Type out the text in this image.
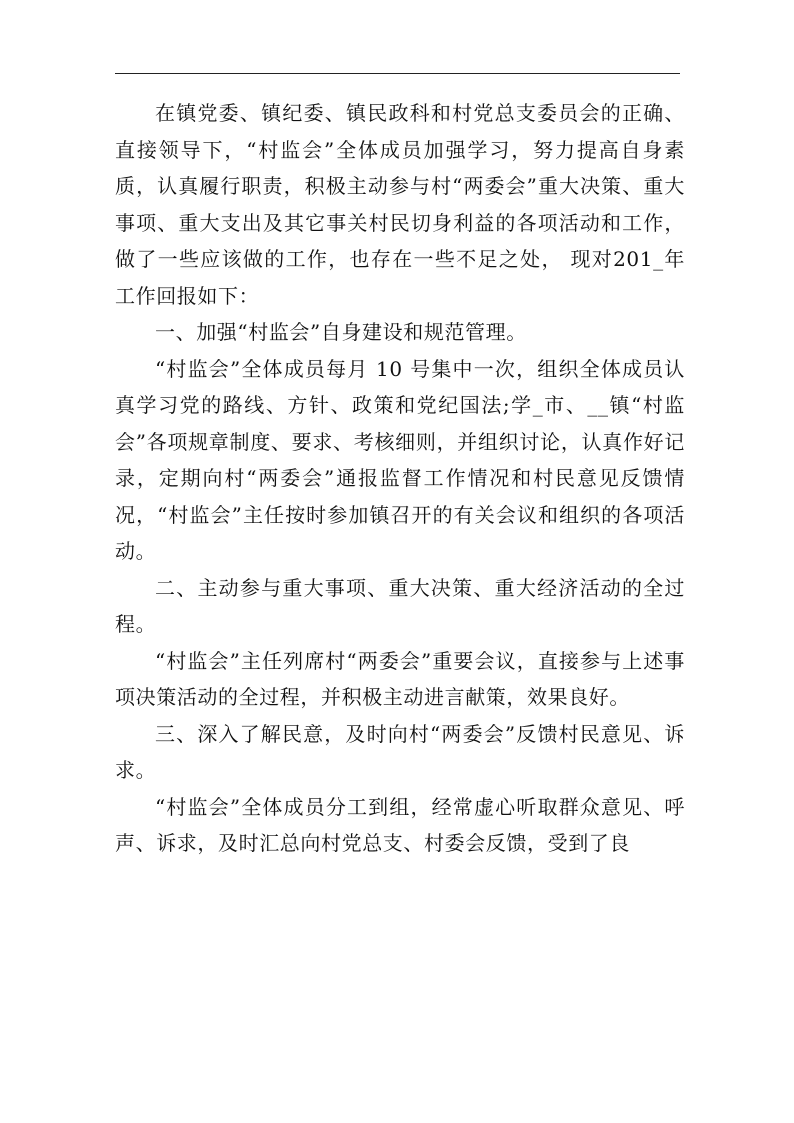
在镇党委、镇纪委、镇民政科和村党总支委员会的正确、直接领导下，“村监会”全体成员加强学习，努力提高自身素质，认真履行职责，积极主动参与村“两委会”重大决策、重大事项、重大支出及其它事关村民切身利益的各项活动和工作，做了一些应该做的工作，也存在一些不足之处， 现对201_年工作回报如下：

一、加强“村监会”自身建设和规范管理。

“村监会”全体成员每月 10 号集中一次，组织全体成员认真学习党的路线、方针、政策和党纪国法;学_市、__镇“村监会”各项规章制度、要求、考核细则，并组织讨论，认真作好记录，定期向村“两委会”通报监督工作情况和村民意见反馈情况，“村监会”主任按时参加镇召开的有关会议和组织的各项活动。

二、主动参与重大事项、重大决策、重大经济活动的全过程。

“村监会”主任列席村“两委会”重要会议，直接参与上述事项决策活动的全过程，并积极主动进言献策，效果良好。

三、深入了解民意，及时向村“两委会”反馈村民意见、诉求。

“村监会”全体成员分工到组，经常虚心听取群众意见、呼声、诉求，及时汇总向村党总支、村委会反馈，受到了良
